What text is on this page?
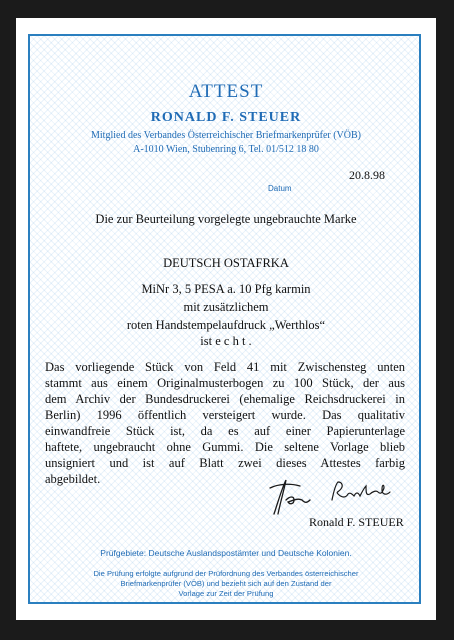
ATTEST
RONALD F. STEUER
Mitglied des Verbandes Österreichischer Briefmarkenprüfer (VÖB)
A-1010 Wien, Stubenring 6, Tel. 01/512 18 80
20.8.98
Datum
Die zur Beurteilung vorgelegte ungebrauchte Marke
DEUTSCH OSTAFRKA
MiNr 3, 5 PESA a. 10 Pfg karmin
mit zusätzlichem
roten Handstempelaufdruck „Werthlos“
ist e c h t .
Das vorliegende Stück von Feld 41 mit Zwischensteg unten
stammt aus einem Originalmusterbogen zu 100 Stück, der aus
dem Archiv der Bundesdruckerei (ehemalige Reichsdruckerei in
Berlin) 1996 öffentlich versteigert wurde. Das qualitativ
einwandfreie Stück ist, da es auf einer Papierunterlage
haftete, ungebraucht ohne Gummi. Die seltene Vorlage blieb
unsigniert und ist auf Blatt zwei dieses Attestes farbig
abgebildet.
Ronald F. STEUER
Prüfgebiete: Deutsche Auslandspostämter und Deutsche Kolonien.
Die Prüfung erfolgte aufgrund der Prüfordnung des Verbandes österreichischer
Briefmarkenprüfer (VÖB) und bezieht sich auf den Zustand der
Vorlage zur Zeit der Prüfung
